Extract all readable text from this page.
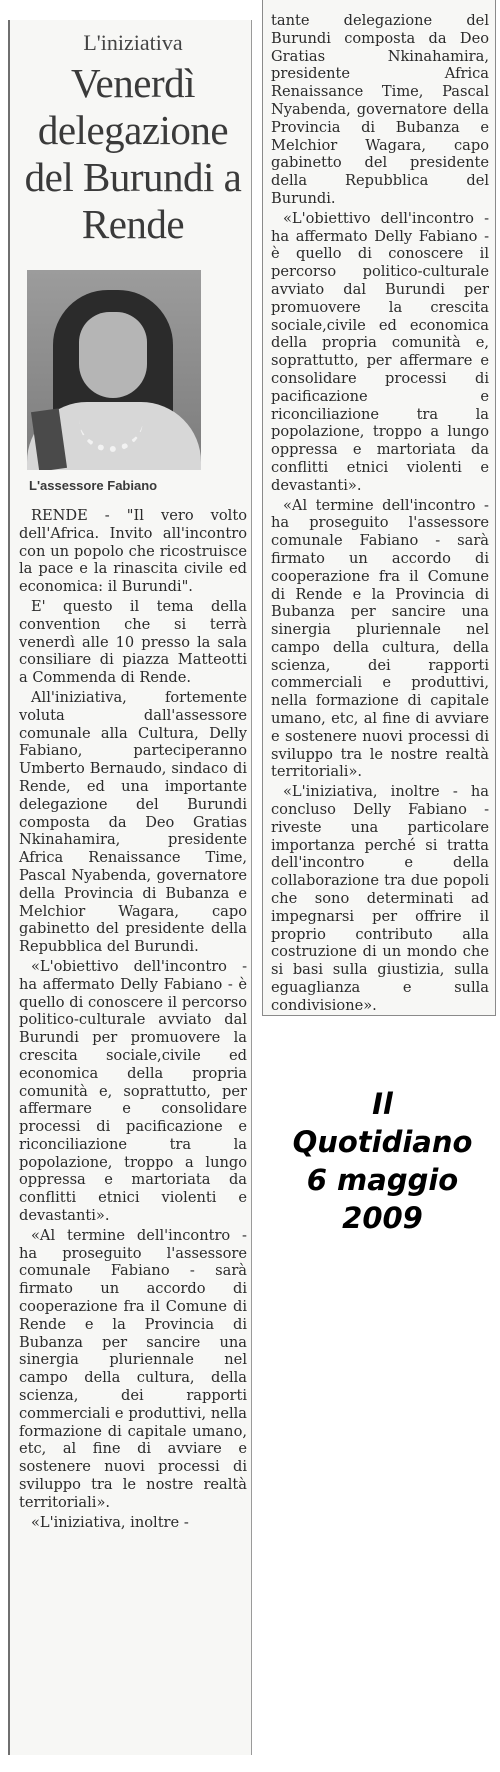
L'iniziativa
Venerdì delegazione del Burundi a Rende
L'assessore Fabiano

RENDE - "Il vero volto dell'Africa. Invito all'incontro con un popolo che ricostruisce la pace e la rinascita civile ed economica: il Burundi".

E' questo il tema della convention che si terrà venerdì alle 10 presso la sala consiliare di piazza Matteotti a Commenda di Rende.

All'iniziativa, fortemente voluta dall'assessore comunale alla Cultura, Delly Fabiano, parteciperanno Umberto Bernaudo, sindaco di Rende, ed una importante delegazione del Burundi composta da Deo Gratias Nkinahamira, presidente Africa Renaissance Time, Pascal Nyabenda, governatore della Provincia di Bubanza e Melchior Wagara, capo gabinetto del presidente della Repubblica del Burundi.

«L'obiettivo dell'incontro - ha affermato Delly Fabiano - è quello di conoscere il percorso politico-culturale avviato dal Burundi per promuovere la crescita sociale,civile ed economica della propria comunità e, soprattutto, per affermare e consolidare processi di pacificazione e riconciliazione tra la popolazione, troppo a lungo oppressa e martoriata da conflitti etnici violenti e devastanti».

«Al termine dell'incontro - ha proseguito l'assessore comunale Fabiano - sarà firmato un accordo di cooperazione fra il Comune di Rende e la Provincia di Bubanza per sancire una sinergia pluriennale nel campo della cultura, della scienza, dei rapporti commerciali e produttivi, nella formazione di capitale umano, etc, al fine di avviare e sostenere nuovi processi di sviluppo tra le nostre realtà territoriali».

«L'iniziativa, inoltre -

tante delegazione del Burundi composta da Deo Gratias Nkinahamira, presidente Africa Renaissance Time, Pascal Nyabenda, governatore della Provincia di Bubanza e Melchior Wagara, capo gabinetto del presidente della Repubblica del Burundi.

«L'obiettivo dell'incontro - ha affermato Delly Fabiano - è quello di conoscere il percorso politico-culturale avviato dal Burundi per promuovere la crescita sociale,civile ed economica della propria comunità e, soprattutto, per affermare e consolidare processi di pacificazione e riconciliazione tra la popolazione, troppo a lungo oppressa e martoriata da conflitti etnici violenti e devastanti».

«Al termine dell'incontro - ha proseguito l'assessore comunale Fabiano - sarà firmato un accordo di cooperazione fra il Comune di Rende e la Provincia di Bubanza per sancire una sinergia pluriennale nel campo della cultura, della scienza, dei rapporti commerciali e produttivi, nella formazione di capitale umano, etc, al fine di avviare e sostenere nuovi processi di sviluppo tra le nostre realtà territoriali».

«L'iniziativa, inoltre - ha concluso Delly Fabiano - riveste una particolare importanza perché si tratta dell'incontro e della collaborazione tra due popoli che sono determinati ad impegnarsi per offrire il proprio contributo alla costruzione di un mondo che si basi sulla giustizia, sulla eguaglianza e sulla condivisione».

Il
Quotidiano
6 maggio
2009
